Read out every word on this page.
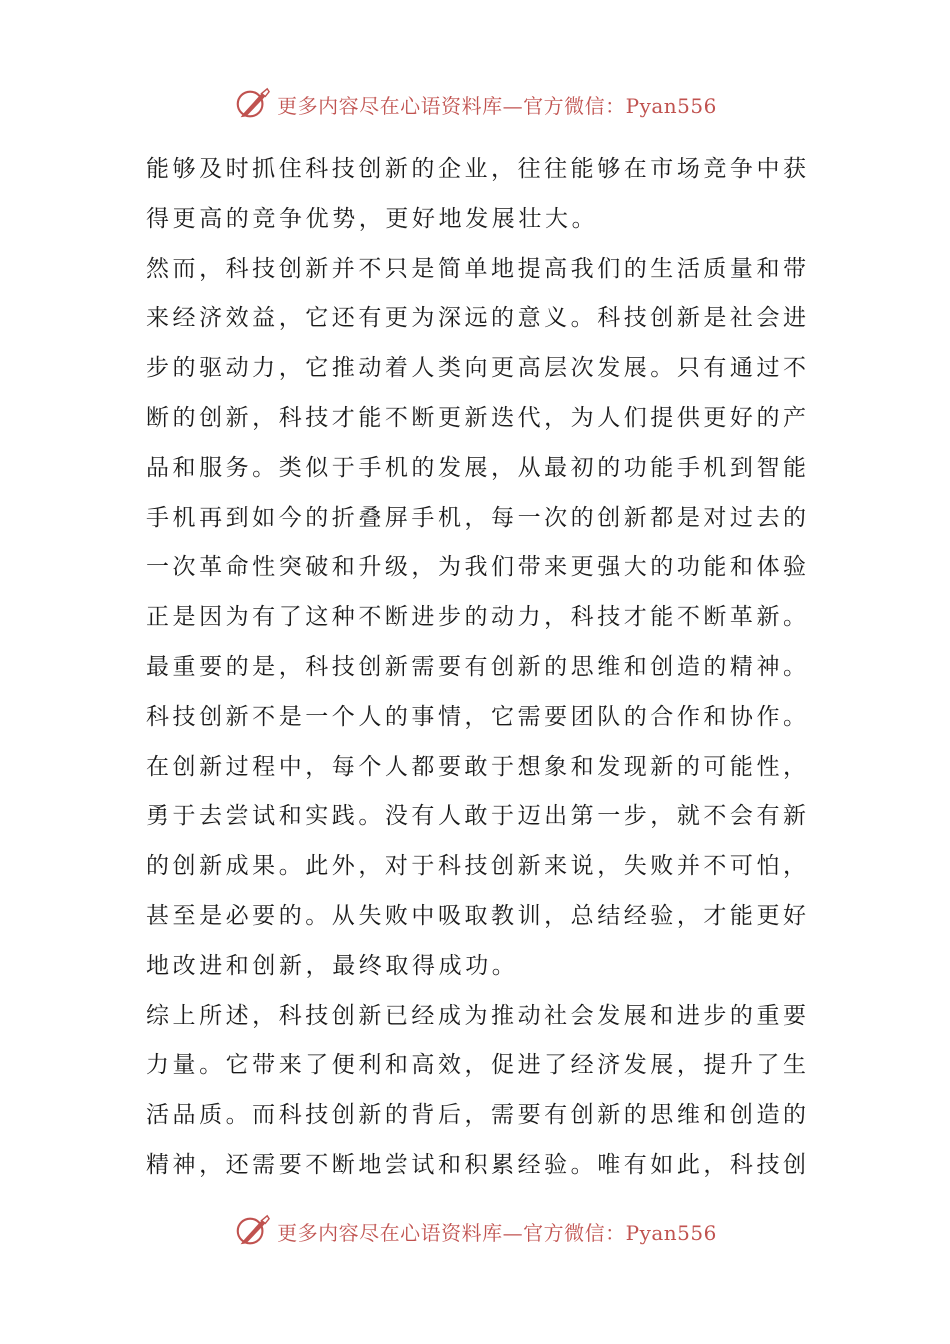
更多内容尽在心语资料库—官方微信：Pyan556
能够及时抓住科技创新的企业，往往能够在市场竞争中获
得更高的竞争优势，更好地发展壮大。
然而，科技创新并不只是简单地提高我们的生活质量和带
来经济效益，它还有更为深远的意义。科技创新是社会进
步的驱动力，它推动着人类向更高层次发展。只有通过不
断的创新，科技才能不断更新迭代，为人们提供更好的产
品和服务。类似于手机的发展，从最初的功能手机到智能
手机再到如今的折叠屏手机，每一次的创新都是对过去的
一次革命性突破和升级，为我们带来更强大的功能和体验
正是因为有了这种不断进步的动力，科技才能不断革新。
最重要的是，科技创新需要有创新的思维和创造的精神。
科技创新不是一个人的事情，它需要团队的合作和协作。
在创新过程中，每个人都要敢于想象和发现新的可能性，
勇于去尝试和实践。没有人敢于迈出第一步，就不会有新
的创新成果。此外，对于科技创新来说，失败并不可怕，
甚至是必要的。从失败中吸取教训，总结经验，才能更好
地改进和创新，最终取得成功。
综上所述，科技创新已经成为推动社会发展和进步的重要
力量。它带来了便利和高效，促进了经济发展，提升了生
活品质。而科技创新的背后，需要有创新的思维和创造的
精神，还需要不断地尝试和积累经验。唯有如此，科技创
更多内容尽在心语资料库—官方微信：Pyan556
